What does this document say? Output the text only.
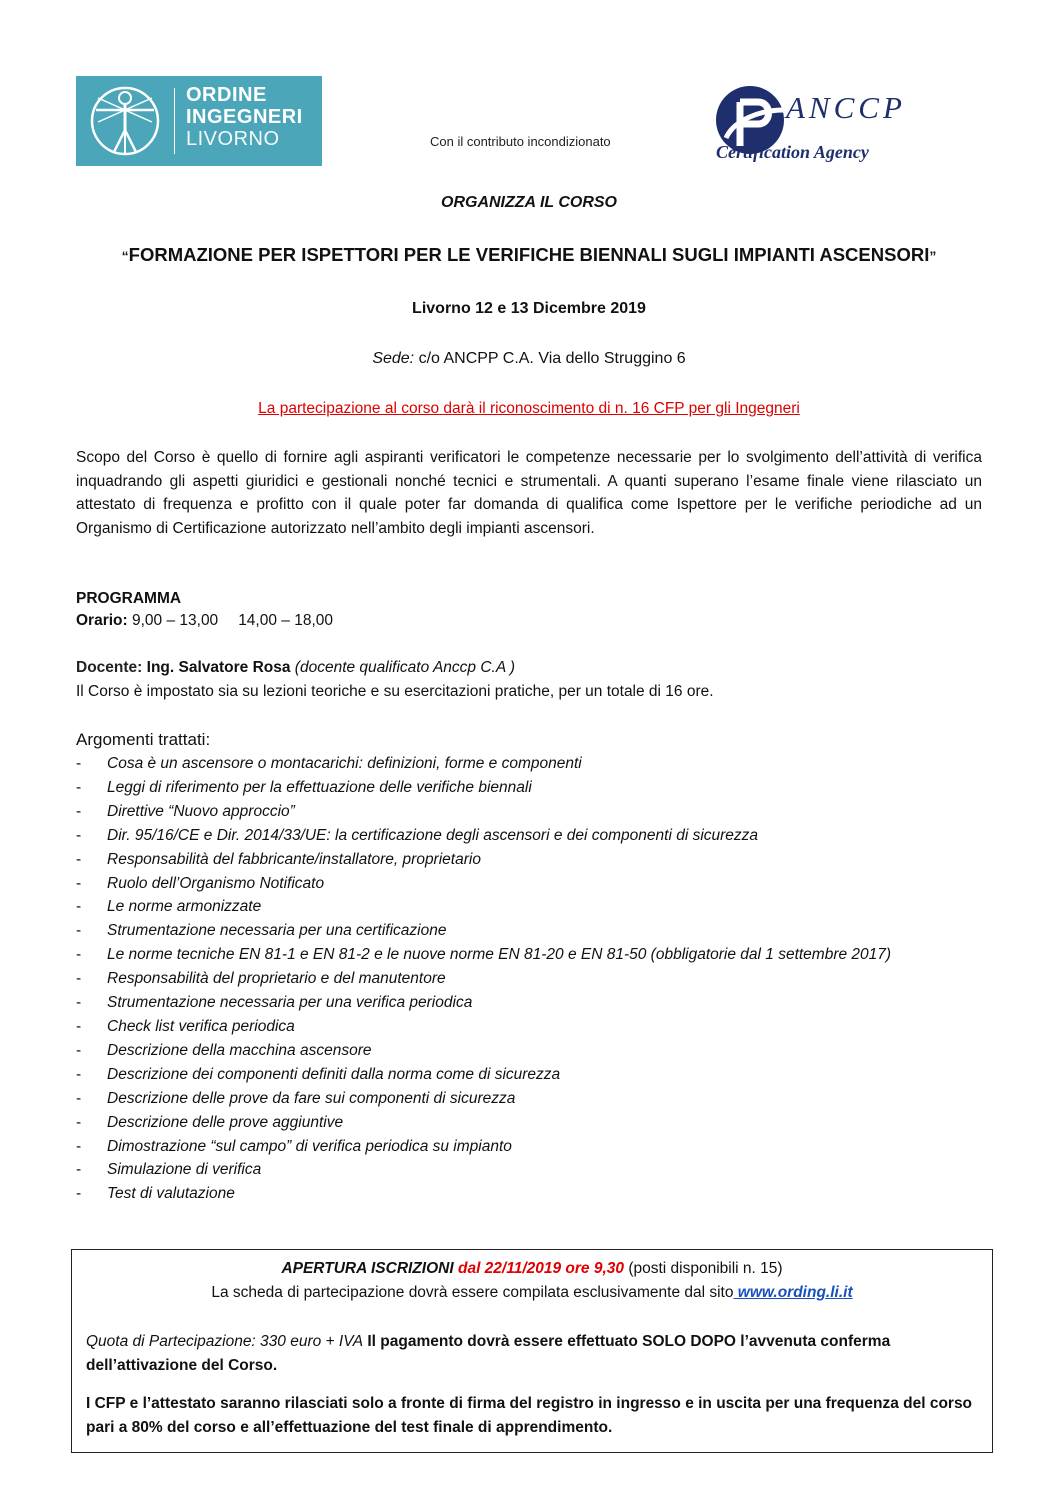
ORDINE
INGEGNERI
LIVORNO	Con il contributo incondizionato
ANCCP
Certification Agency
ORGANIZZA IL CORSO
“FORMAZIONE PER ISPETTORI PER LE VERIFICHE BIENNALI SUGLI IMPIANTI ASCENSORI”
Livorno 12 e 13 Dicembre 2019
Sede: c/o ANCPP C.A. Via dello Struggino 6
La partecipazione al corso darà il riconoscimento di n. 16 CFP per gli Ingegneri
Scopo del Corso è quello di fornire agli aspiranti verificatori le competenze necessarie per lo svolgimento dell’attività di verifica inquadrando gli aspetti giuridici e gestionali nonché tecnici e strumentali. A quanti superano l’esame finale viene rilasciato un attestato di frequenza e profitto con il quale poter far domanda di qualifica come Ispettore per le verifiche periodiche ad un Organismo di Certificazione autorizzato nell’ambito degli impianti ascensori.
PROGRAMMA
Orario: 9,00 – 13,00 14,00 – 18,00
Docente: Ing. Salvatore Rosa (docente qualificato Anccp C.A )
Il Corso è impostato sia su lezioni teoriche e su esercitazioni pratiche, per un totale di 16 ore.
Argomenti trattati:
- Cosa è un ascensore o montacarichi: definizioni, forme e componenti
- Leggi di riferimento per la effettuazione delle verifiche biennali
- Direttive “Nuovo approccio”
- Dir. 95/16/CE e Dir. 2014/33/UE: la certificazione degli ascensori e dei componenti di sicurezza
- Responsabilità del fabbricante/installatore, proprietario
- Ruolo dell’Organismo Notificato
- Le norme armonizzate
- Strumentazione necessaria per una certificazione
- Le norme tecniche EN 81-1 e EN 81-2 e le nuove norme EN 81-20 e EN 81-50 (obbligatorie dal 1 settembre 2017)
- Responsabilità del proprietario e del manutentore
- Strumentazione necessaria per una verifica periodica
- Check list verifica periodica
- Descrizione della macchina ascensore
- Descrizione dei componenti definiti dalla norma come di sicurezza
- Descrizione delle prove da fare sui componenti di sicurezza
- Descrizione delle prove aggiuntive
- Dimostrazione “sul campo” di verifica periodica su impianto
- Simulazione di verifica
- Test di valutazione
APERTURA ISCRIZIONI dal 22/11/2019 ore 9,30 (posti disponibili n. 15)
La scheda di partecipazione dovrà essere compilata esclusivamente dal sito www.ording.li.it
Quota di Partecipazione: 330 euro + IVA Il pagamento dovrà essere effettuato SOLO DOPO l’avvenuta conferma dell’attivazione del Corso.
I CFP e l’attestato saranno rilasciati solo a fronte di firma del registro in ingresso e in uscita per una frequenza del corso pari a 80% del corso e all’effettuazione del test finale di apprendimento.
